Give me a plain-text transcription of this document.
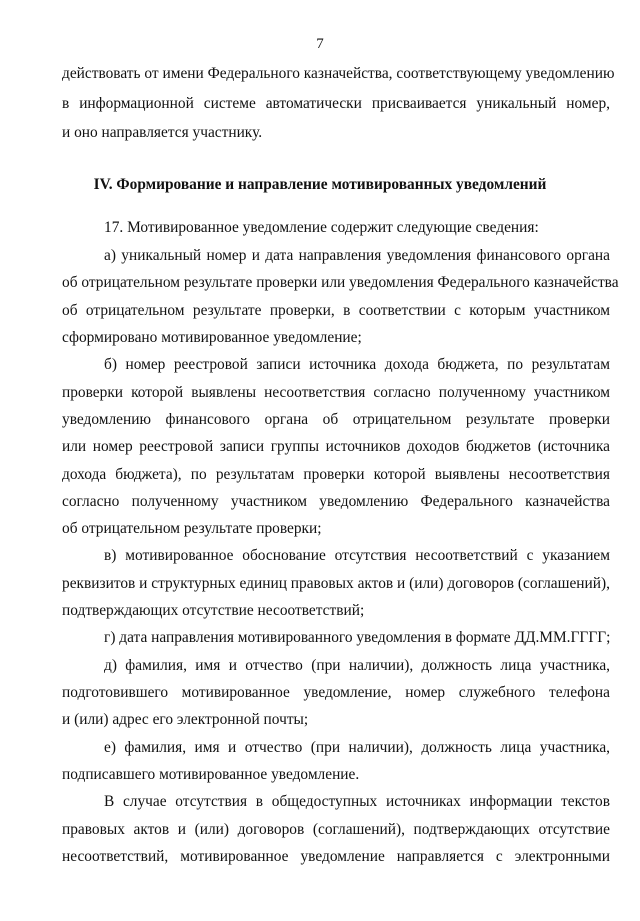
7
действовать от имени Федерального казначейства, соответствующему уведомлению
в информационной системе автоматически присваивается уникальный номер,
и оно направляется участнику.
IV. Формирование и направление мотивированных уведомлений
17. Мотивированное уведомление содержит следующие сведения:
а) уникальный номер и дата направления уведомления финансового органа
об отрицательном результате проверки или уведомления Федерального казначейства
об отрицательном результате проверки, в соответствии с которым участником
сформировано мотивированное уведомление;
б) номер реестровой записи источника дохода бюджета, по результатам
проверки которой выявлены несоответствия согласно полученному участником
уведомлению финансового органа об отрицательном результате проверки
или номер реестровой записи группы источников доходов бюджетов (источника
дохода бюджета), по результатам проверки которой выявлены несоответствия
согласно полученному участником уведомлению Федерального казначейства
об отрицательном результате проверки;
в) мотивированное обоснование отсутствия несоответствий с указанием
реквизитов и структурных единиц правовых актов и (или) договоров (соглашений),
подтверждающих отсутствие несоответствий;
г) дата направления мотивированного уведомления в формате ДД.ММ.ГГГГ;
д) фамилия, имя и отчество (при наличии), должность лица участника,
подготовившего мотивированное уведомление, номер служебного телефона
и (или) адрес его электронной почты;
е) фамилия, имя и отчество (при наличии), должность лица участника,
подписавшего мотивированное уведомление.
В случае отсутствия в общедоступных источниках информации текстов
правовых актов и (или) договоров (соглашений), подтверждающих отсутствие
несоответствий, мотивированное уведомление направляется с электронными
